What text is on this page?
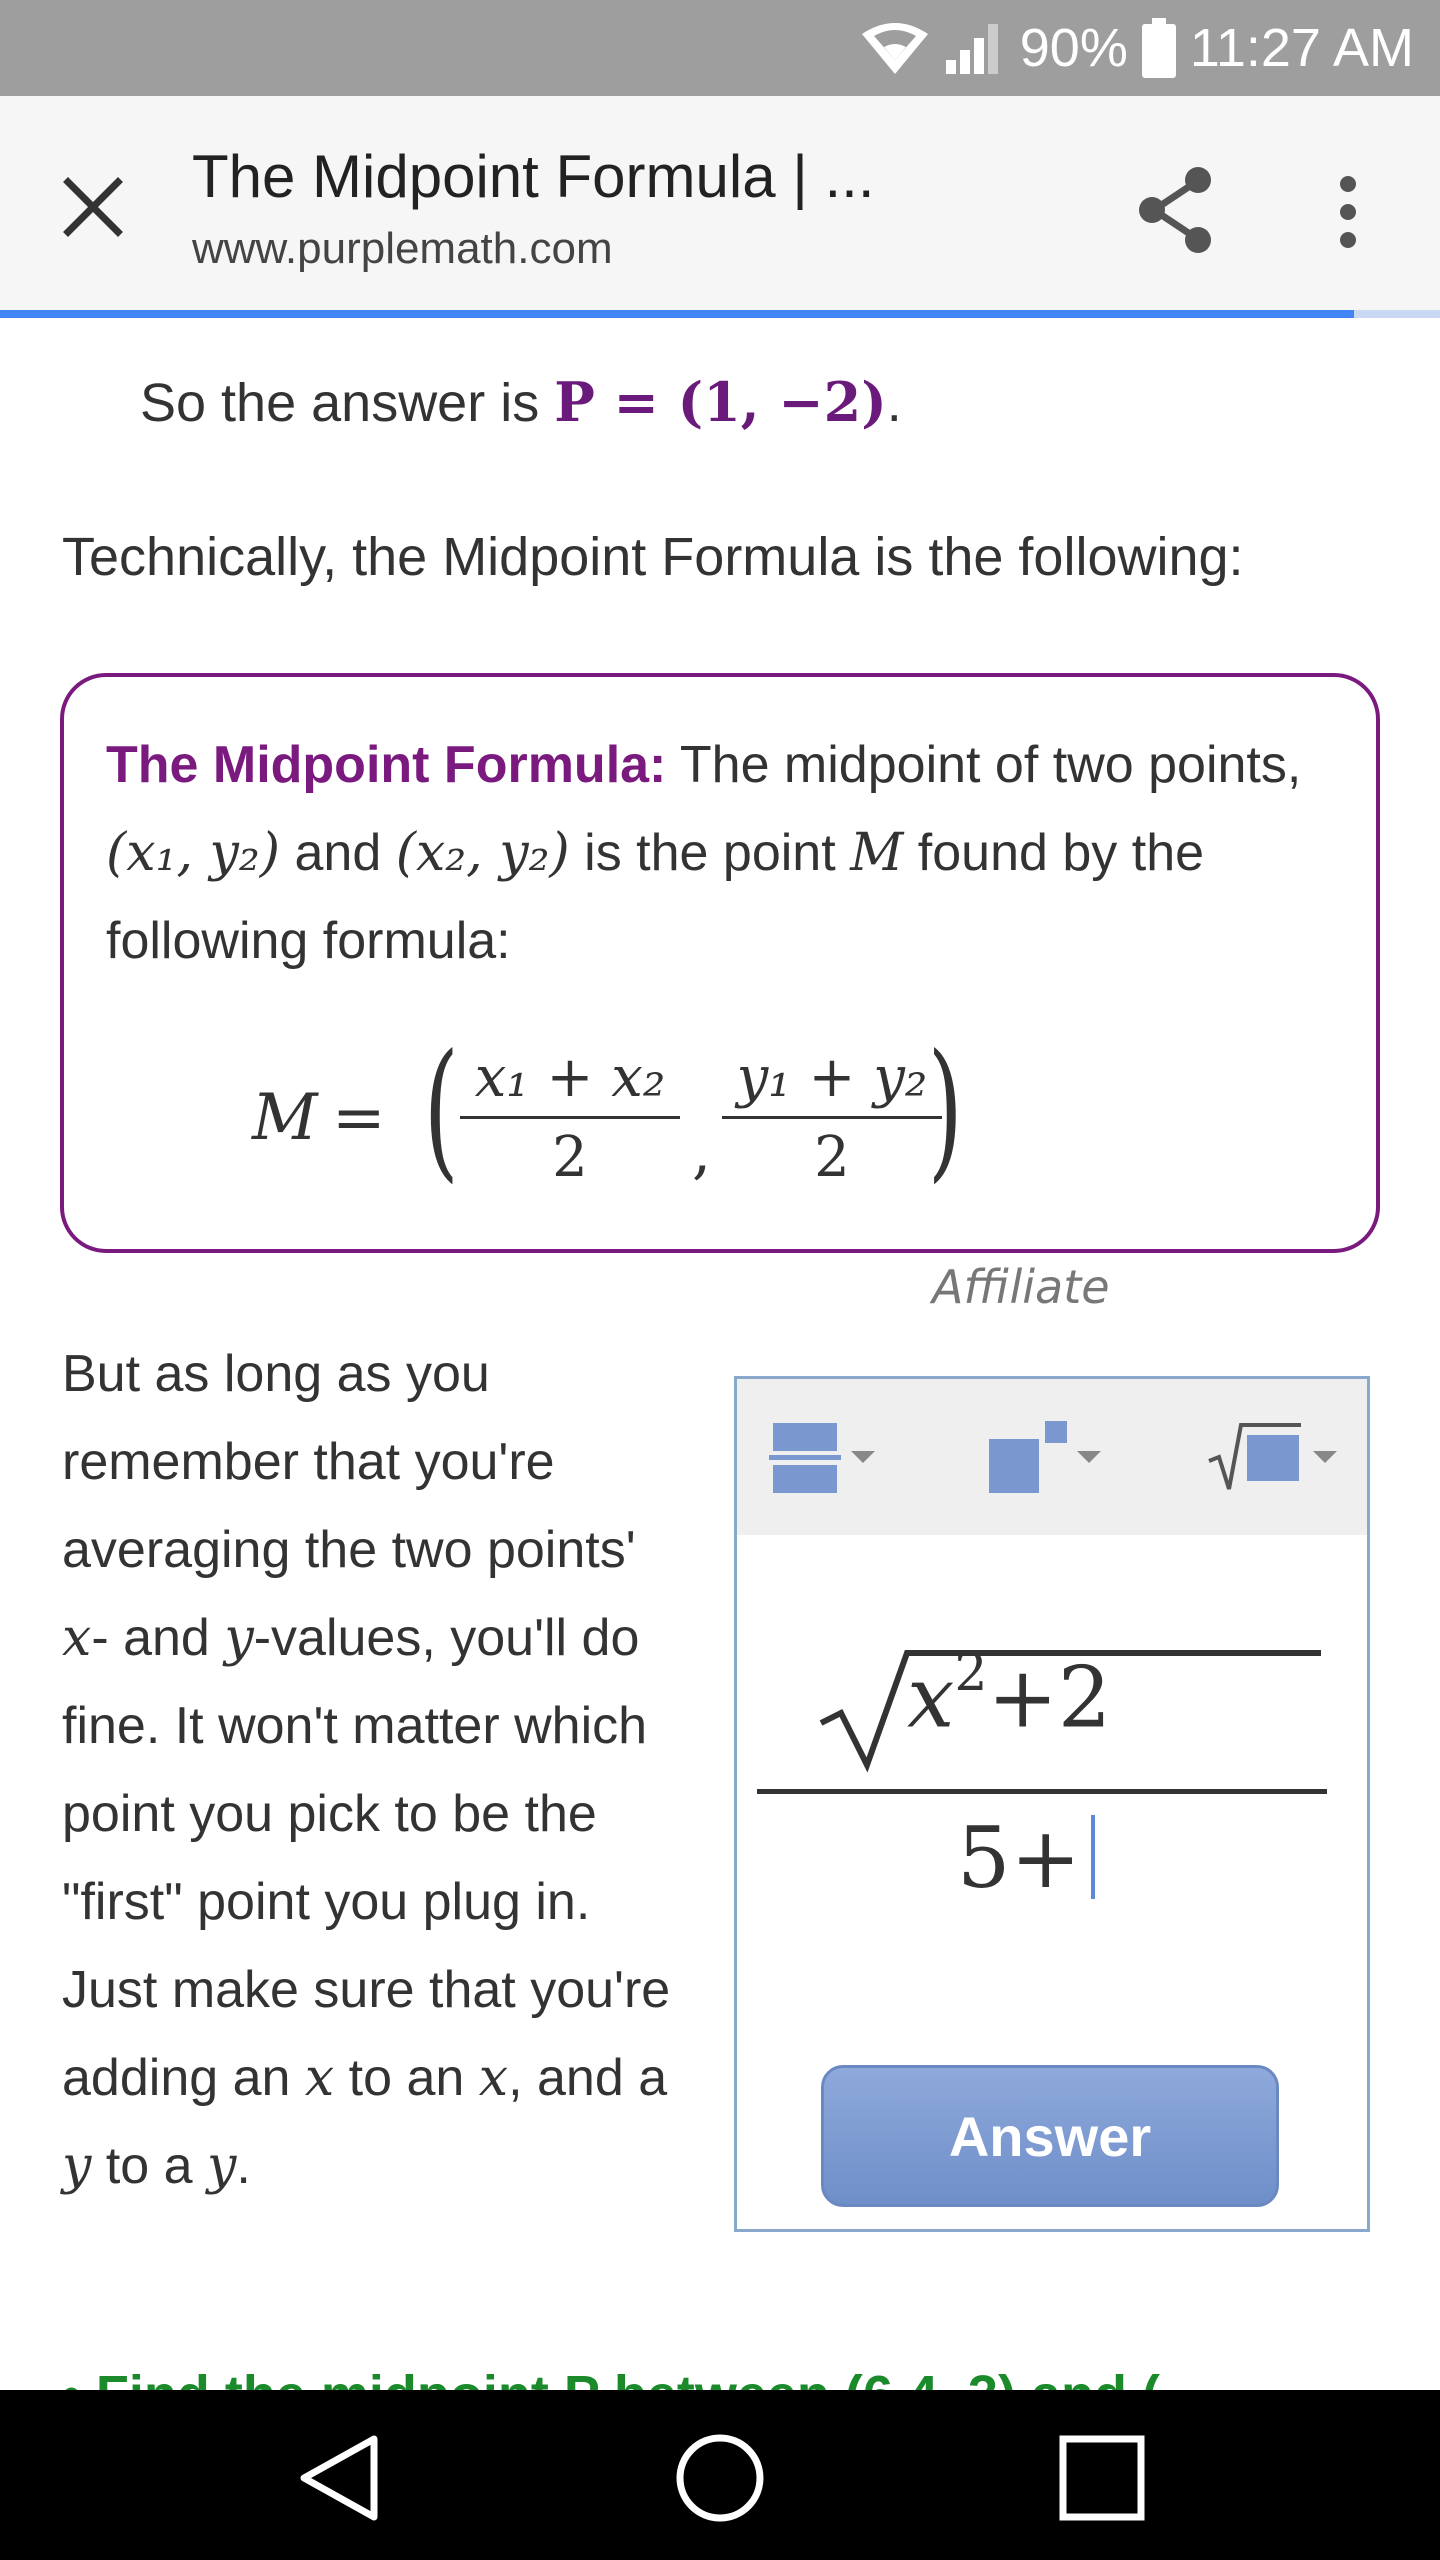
90% 11:27 AM
The Midpoint Formula | ...
www.purplemath.com
So the answer is P = (1, −2).
Technically, the Midpoint Formula is the following:
The Midpoint Formula: The midpoint of two points, (x₁, y₂) and (x₂, y₂) is the point M found by the following formula:
M = ( x₁ + x₂
2	,
y₁ + y₂
2 )
Affiliate
But as long as you remember that you're averaging the two points' x- and y-values, you'll do fine. It won't matter which point you pick to be the "first" point you plug in. Just make sure that you're adding an x to an x, and a y to a y.
$x^2+2$
5+
Answer
